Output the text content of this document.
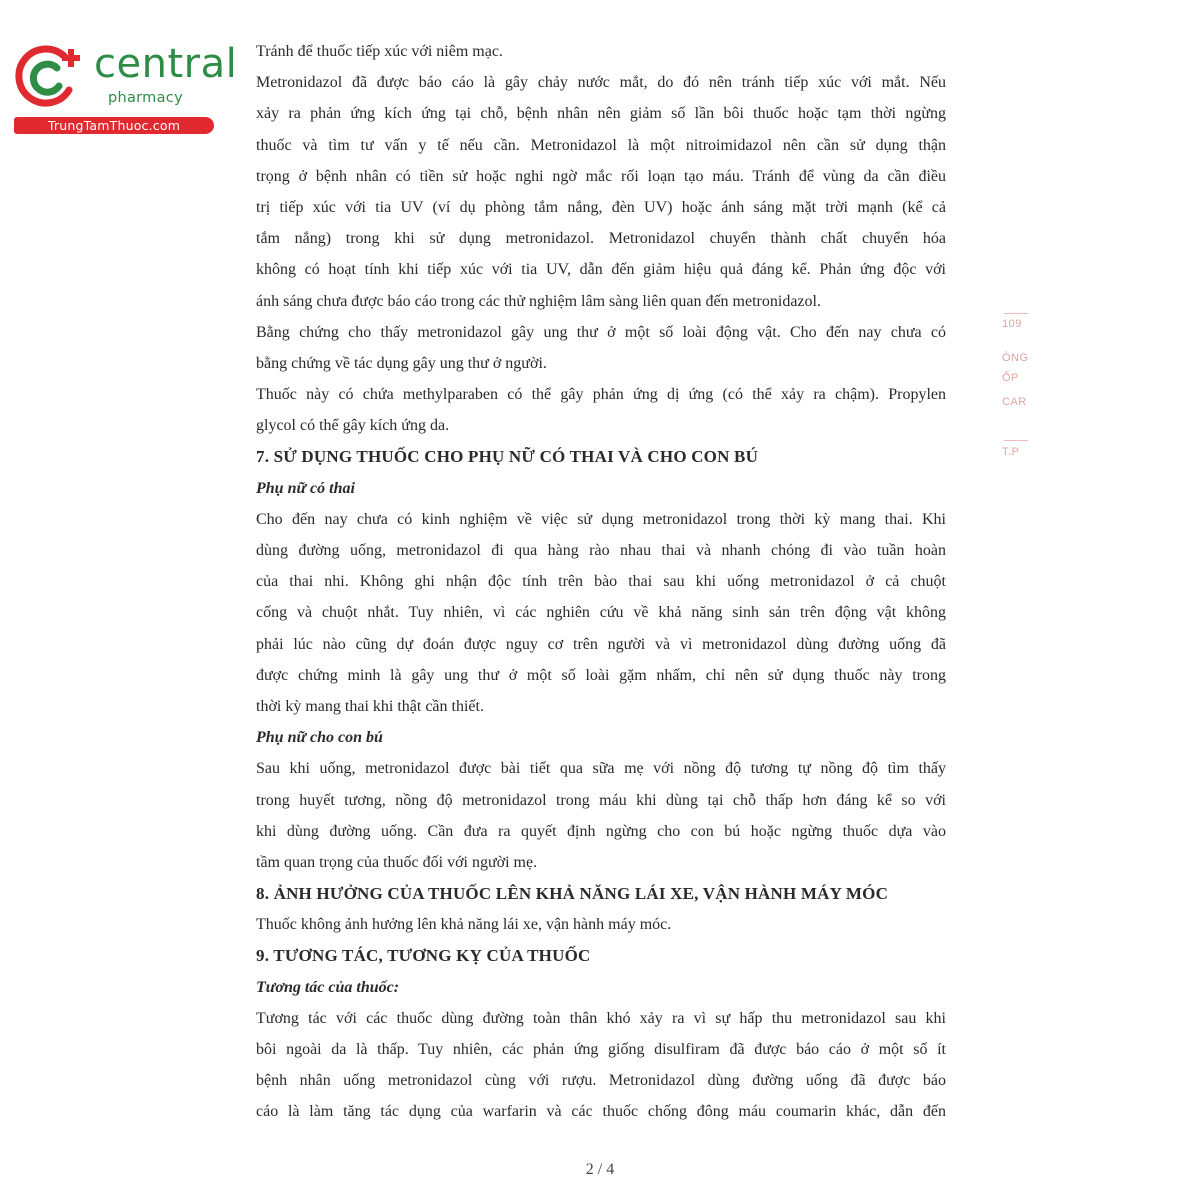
central
pharmacy
TrungTamThuoc.com
Tránh để thuốc tiếp xúc với niêm mạc.
Metronidazol đã được báo cáo là gây chảy nước mắt, do đó nên tránh tiếp xúc với mắt. Nếu
xảy ra phản ứng kích ứng tại chỗ, bệnh nhân nên giảm số lần bôi thuốc hoặc tạm thời ngừng
thuốc và tìm tư vấn y tế nếu cần. Metronidazol là một nitroimidazol nên cần sử dụng thận
trọng ở bệnh nhân có tiền sử hoặc nghi ngờ mắc rối loạn tạo máu. Tránh để vùng da cần điều
trị tiếp xúc với tia UV (ví dụ phòng tắm nắng, đèn UV) hoặc ánh sáng mặt trời mạnh (kể cả
tắm nắng) trong khi sử dụng metronidazol. Metronidazol chuyển thành chất chuyển hóa
không có hoạt tính khi tiếp xúc với tia UV, dẫn đến giảm hiệu quả đáng kể. Phản ứng độc với
ánh sáng chưa được báo cáo trong các thử nghiệm lâm sàng liên quan đến metronidazol.
Bằng chứng cho thấy metronidazol gây ung thư ở một số loài động vật. Cho đến nay chưa có
bằng chứng về tác dụng gây ung thư ở người.
Thuốc này có chứa methylparaben có thể gây phản ứng dị ứng (có thể xảy ra chậm). Propylen
glycol có thể gây kích ứng da.
7. SỬ DỤNG THUỐC CHO PHỤ NỮ CÓ THAI VÀ CHO CON BÚ
Phụ nữ có thai
Cho đến nay chưa có kinh nghiệm về việc sử dụng metronidazol trong thời kỳ mang thai. Khi
dùng đường uống, metronidazol đi qua hàng rào nhau thai và nhanh chóng đi vào tuần hoàn
của thai nhi. Không ghi nhận độc tính trên bào thai sau khi uống metronidazol ở cả chuột
cống và chuột nhắt. Tuy nhiên, vì các nghiên cứu về khả năng sinh sản trên động vật không
phải lúc nào cũng dự đoán được nguy cơ trên người và vì metronidazol dùng đường uống đã
được chứng minh là gây ung thư ở một số loài gặm nhấm, chỉ nên sử dụng thuốc này trong
thời kỳ mang thai khi thật cần thiết.
Phụ nữ cho con bú
Sau khi uống, metronidazol được bài tiết qua sữa mẹ với nồng độ tương tự nồng độ tìm thấy
trong huyết tương, nồng độ metronidazol trong máu khi dùng tại chỗ thấp hơn đáng kể so với
khi dùng đường uống. Cần đưa ra quyết định ngừng cho con bú hoặc ngừng thuốc dựa vào
tầm quan trọng của thuốc đối với người mẹ.
8. ẢNH HƯỞNG CỦA THUỐC LÊN KHẢ NĂNG LÁI XE, VẬN HÀNH MÁY MÓC
Thuốc không ảnh hưởng lên khả năng lái xe, vận hành máy móc.
9. TƯƠNG TÁC, TƯƠNG KỴ CỦA THUỐC
Tương tác của thuốc:
Tương tác với các thuốc dùng đường toàn thân khó xảy ra vì sự hấp thu metronidazol sau khi
bôi ngoài da là thấp. Tuy nhiên, các phản ứng giống disulfiram đã được báo cáo ở một số ít
bệnh nhân uống metronidazol cùng với rượu. Metronidazol dùng đường uống đã được báo
cáo là làm tăng tác dụng của warfarin và các thuốc chống đông máu coumarin khác, dẫn đến
109
ÒNG
ỔP
CAR
T.P
2 / 4
